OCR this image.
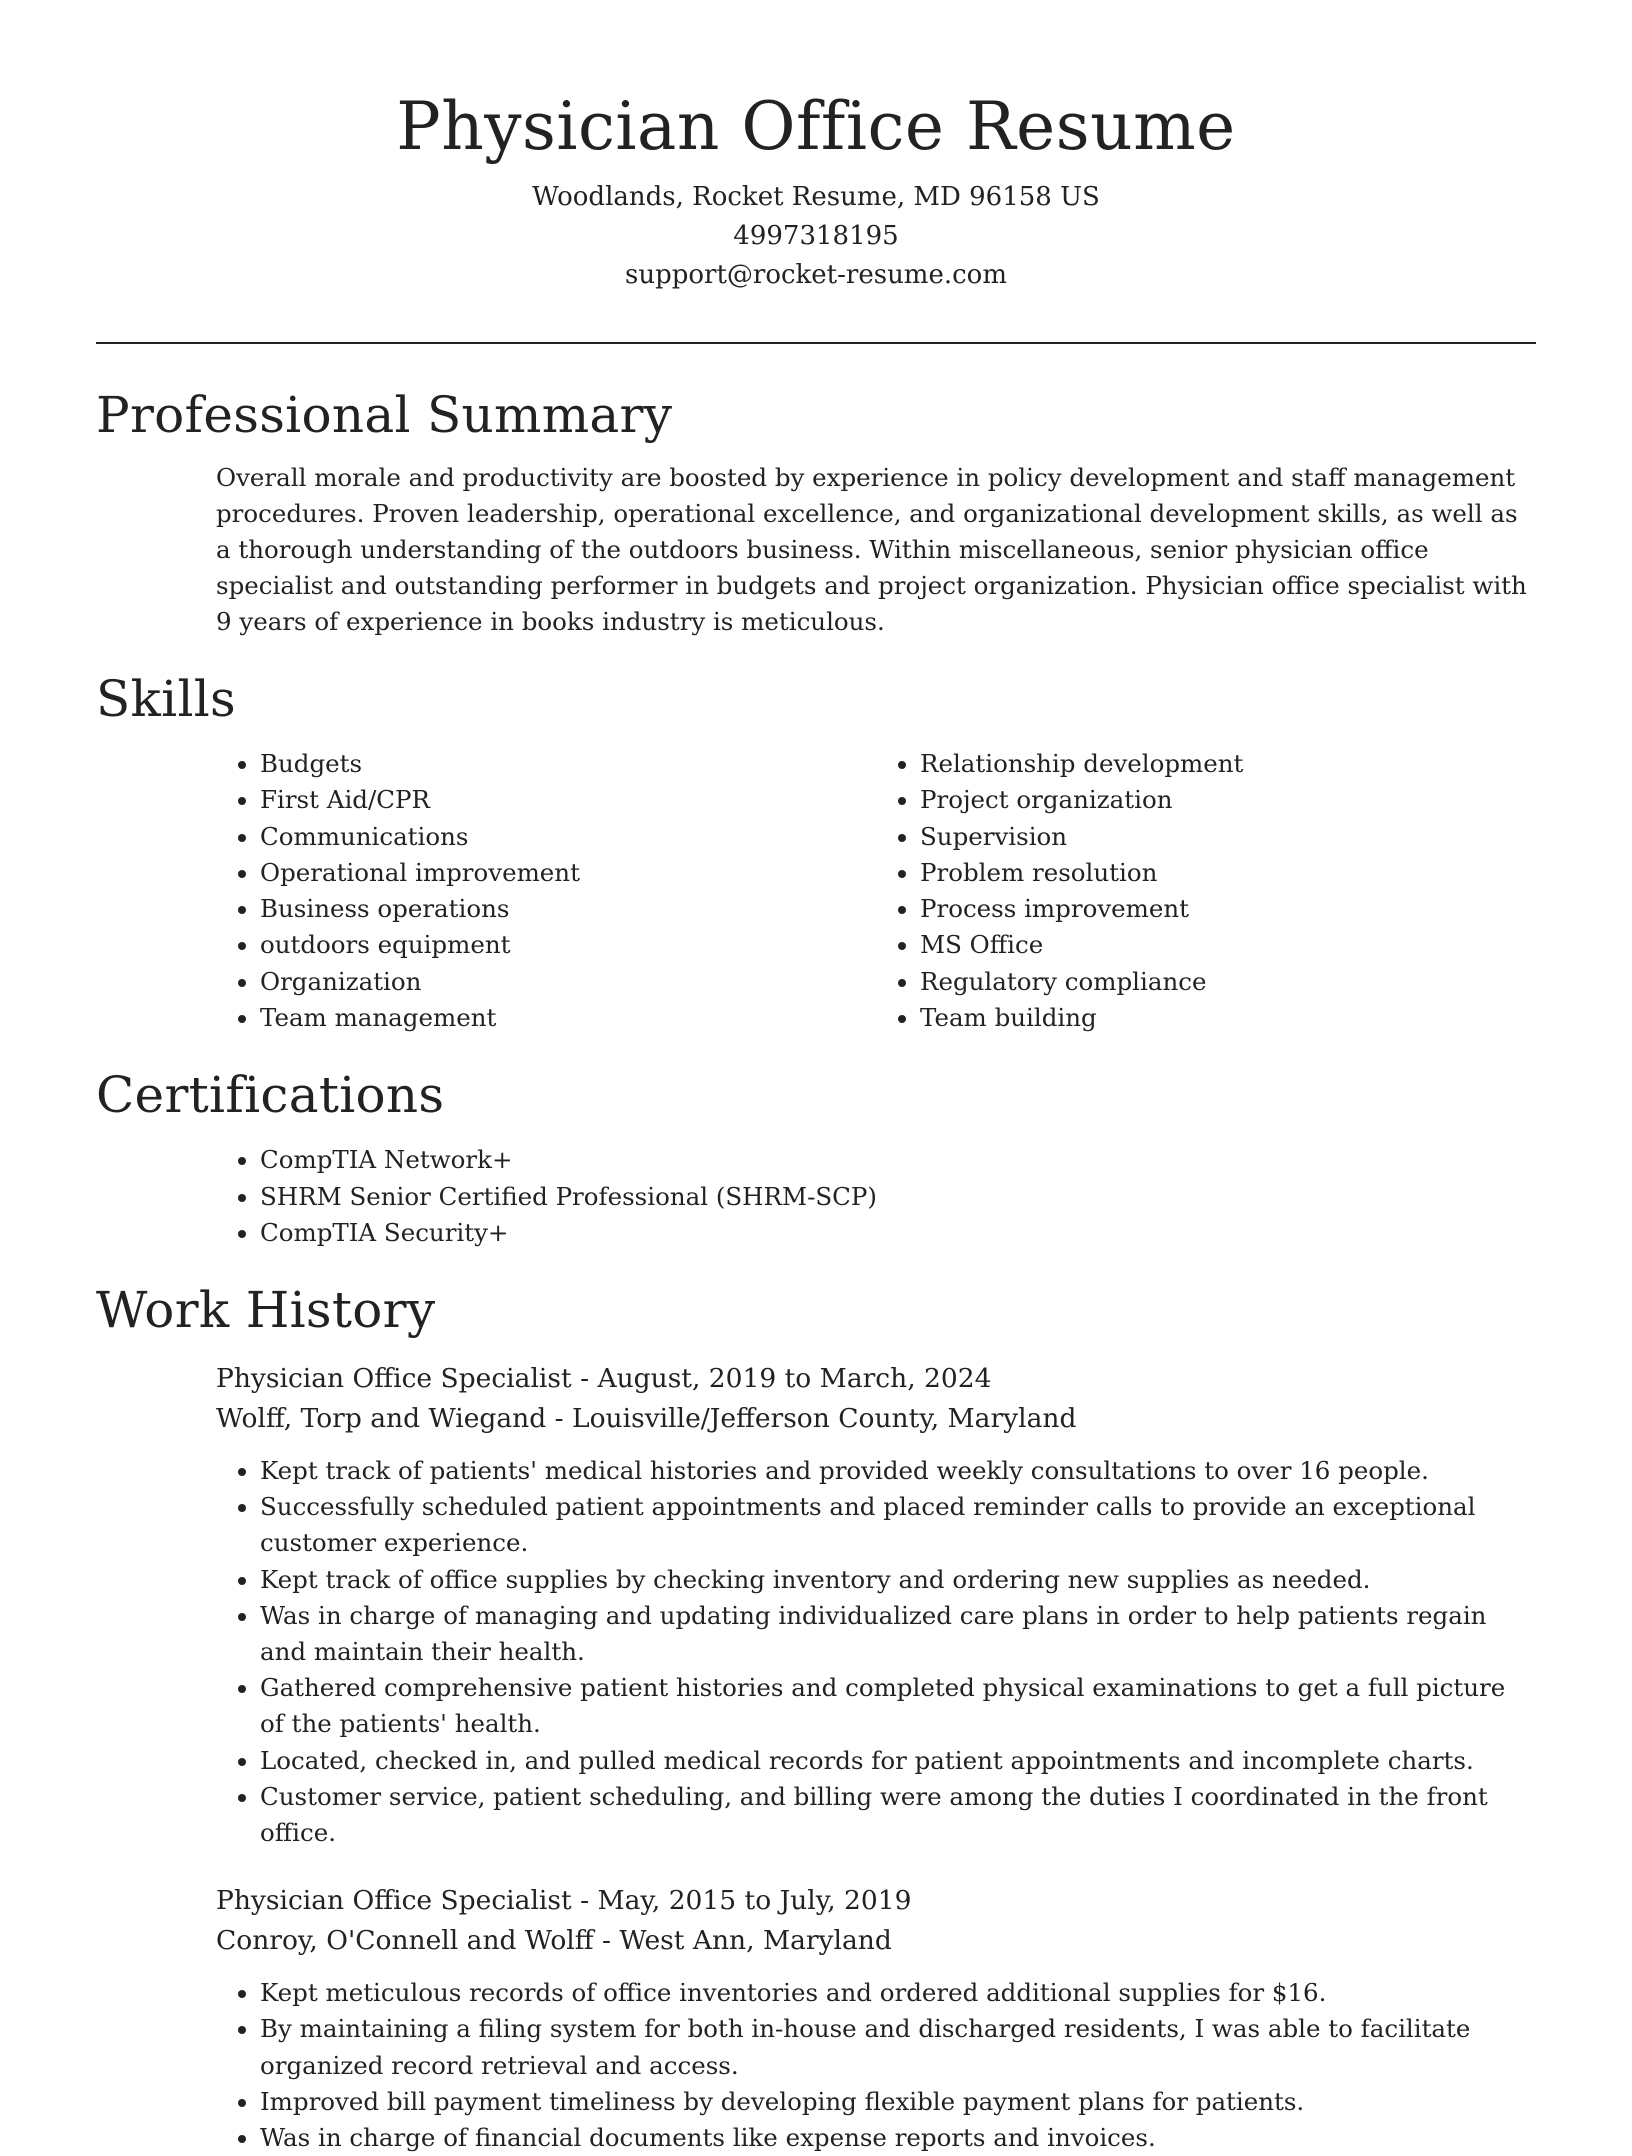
Physician Office Resume

Woodlands, Rocket Resume, MD 96158 US

4997318195

support@rocket-resume.com

Professional Summary

Overall morale and productivity are boosted by experience in policy development and staff management procedures. Proven leadership, operational excellence, and organizational development skills, as well as a thorough understanding of the outdoors business. Within miscellaneous, senior physician office specialist and outstanding performer in budgets and project organization. Physician office specialist with 9 years of experience in books industry is meticulous.

Skills
• Budgets
• First Aid/CPR
• Communications
• Operational improvement
• Business operations
• outdoors equipment
• Organization
• Team management
• Relationship development
• Project organization
• Supervision
• Problem resolution
• Process improvement
• MS Office
• Regulatory compliance
• Team building
Certifications
• CompTIA Network+
• SHRM Senior Certified Professional (SHRM-SCP)
• CompTIA Security+
Work History

Physician Office Specialist - August, 2019 to March, 2024

Wolff, Torp and Wiegand - Louisville/Jefferson County, Maryland

• Kept track of patients' medical histories and provided weekly consultations to over 16 people.
• Successfully scheduled patient appointments and placed reminder calls to provide an exceptional customer experience.
• Kept track of office supplies by checking inventory and ordering new supplies as needed.
• Was in charge of managing and updating individualized care plans in order to help patients regain and maintain their health.
• Gathered comprehensive patient histories and completed physical examinations to get a full picture of the patients' health.
• Located, checked in, and pulled medical records for patient appointments and incomplete charts.
• Customer service, patient scheduling, and billing were among the duties I coordinated in the front office.

Physician Office Specialist - May, 2015 to July, 2019

Conroy, O'Connell and Wolff - West Ann, Maryland

• Kept meticulous records of office inventories and ordered additional supplies for $16.
• By maintaining a filing system for both in-house and discharged residents, I was able to facilitate organized record retrieval and access.
• Improved bill payment timeliness by developing flexible payment plans for patients.
• Was in charge of financial documents like expense reports and invoices.
